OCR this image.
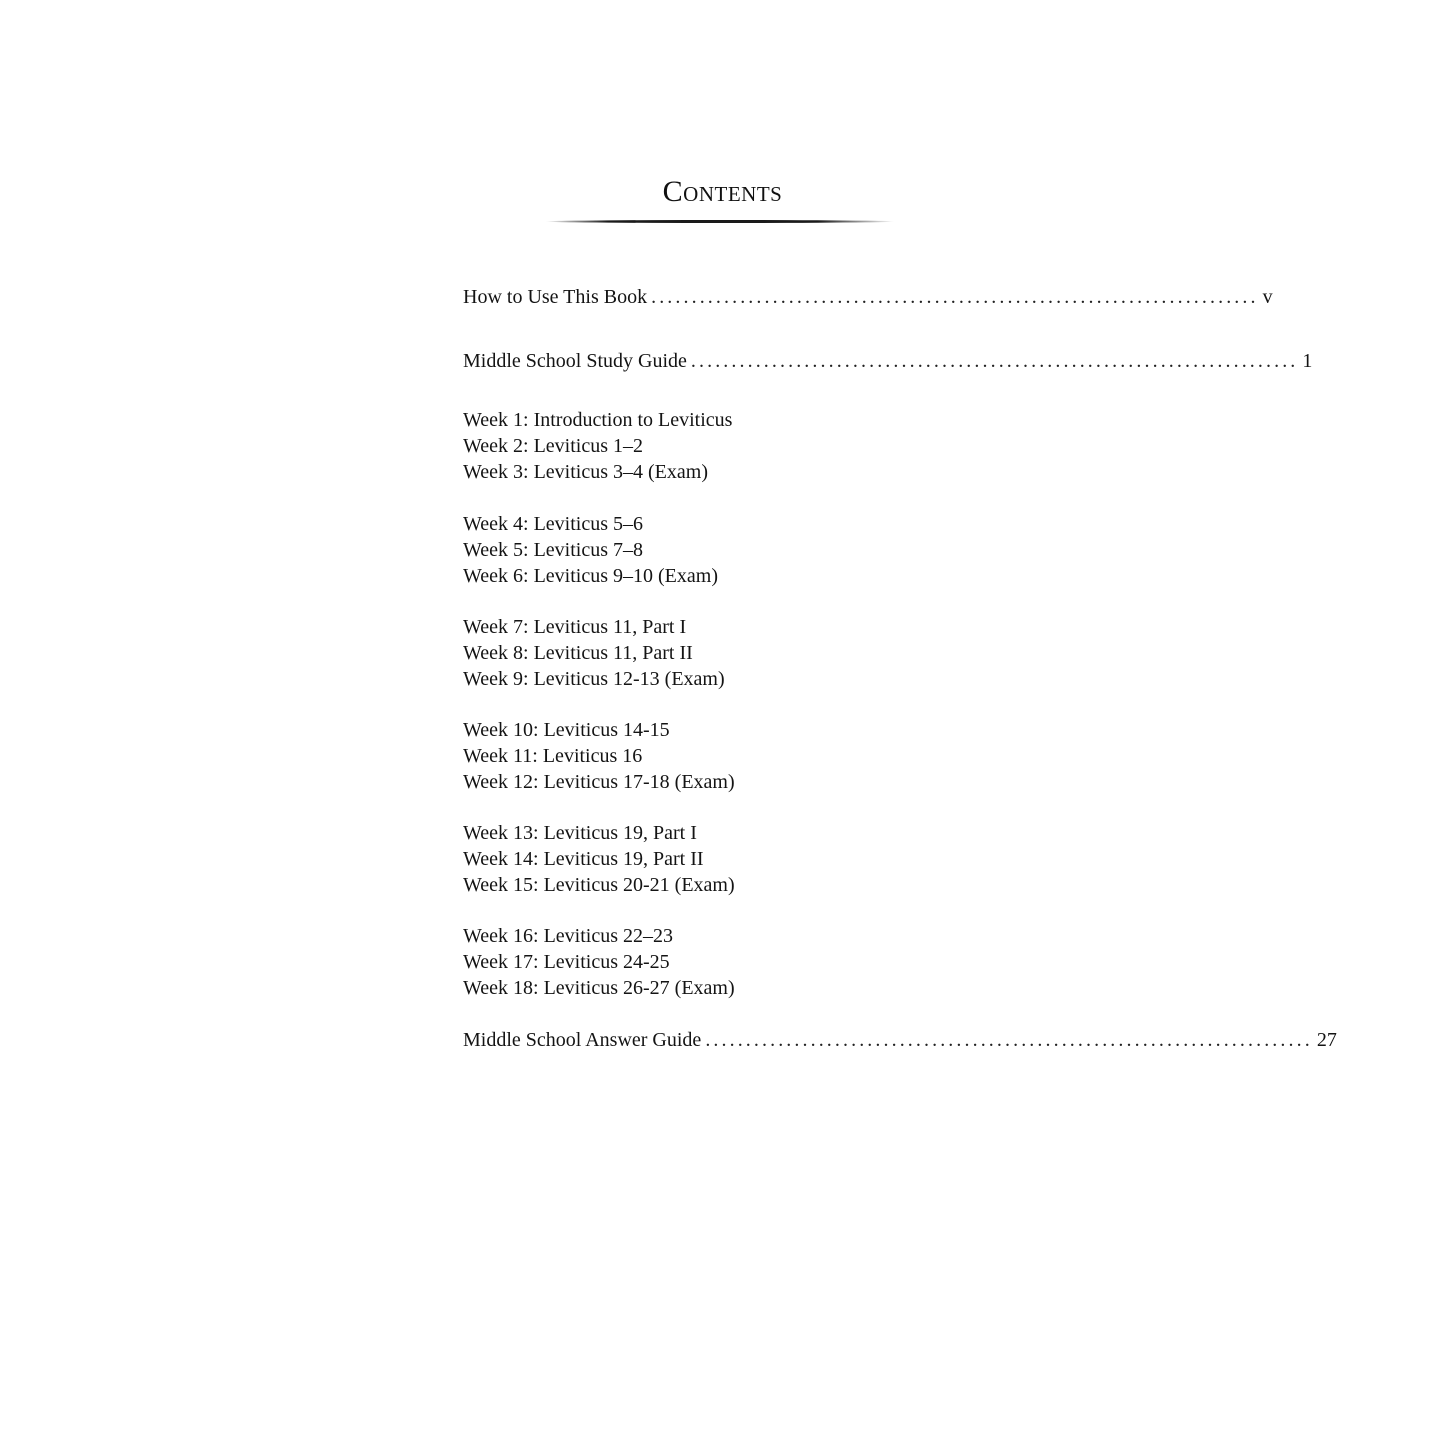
Contents
How to Use This Book ........................................................................... v
Middle School Study Guide ........................................................................... 1
Week 1: Introduction to Leviticus
Week 2: Leviticus 1–2
Week 3: Leviticus 3–4 (Exam)
Week 4: Leviticus 5–6
Week 5: Leviticus 7–8
Week 6: Leviticus 9–10 (Exam)
Week 7: Leviticus 11, Part I
Week 8: Leviticus 11, Part II
Week 9: Leviticus 12-13 (Exam)
Week 10: Leviticus 14-15
Week 11: Leviticus 16
Week 12: Leviticus 17-18 (Exam)
Week 13: Leviticus 19, Part I
Week 14: Leviticus 19, Part II
Week 15: Leviticus 20-21 (Exam)
Week 16: Leviticus 22–23
Week 17: Leviticus 24-25
Week 18: Leviticus 26-27 (Exam)
Middle School Answer Guide ........................................................................... 27
